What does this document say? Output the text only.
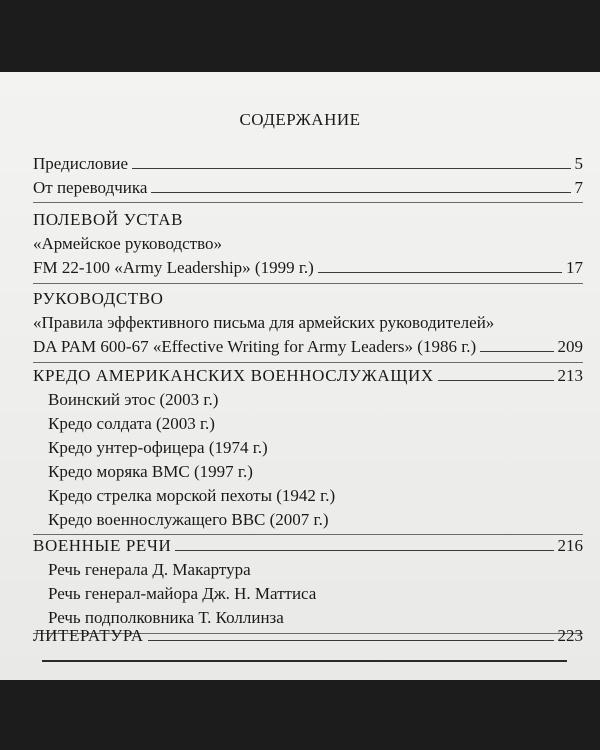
СОДЕРЖАНИЕ
Предисловие	5
От переводчика	7
ПОЛЕВОЙ УСТАВ
«Армейское руководство»
FM 22-100 «Army Leadership» (1999 г.)	17
РУКОВОДСТВО
«Правила эффективного письма для армейских руководителей»
DA PAM 600-67 «Effective Writing for Army Leaders» (1986 г.)	209
КРЕДО АМЕРИКАНСКИХ ВОЕННОСЛУЖАЩИХ	213
Воинский этос (2003 г.)
Кредо солдата (2003 г.)
Кредо унтер-офицера (1974 г.)
Кредо моряка ВМС (1997 г.)
Кредо стрелка морской пехоты (1942 г.)
Кредо военнослужащего ВВС (2007 г.)
ВОЕННЫЕ РЕЧИ	216
Речь генерала Д. Макартура
Речь генерал-майора Дж. Н. Маттиса
Речь подполковника Т. Коллинза
ЛИТЕРАТУРА	223
